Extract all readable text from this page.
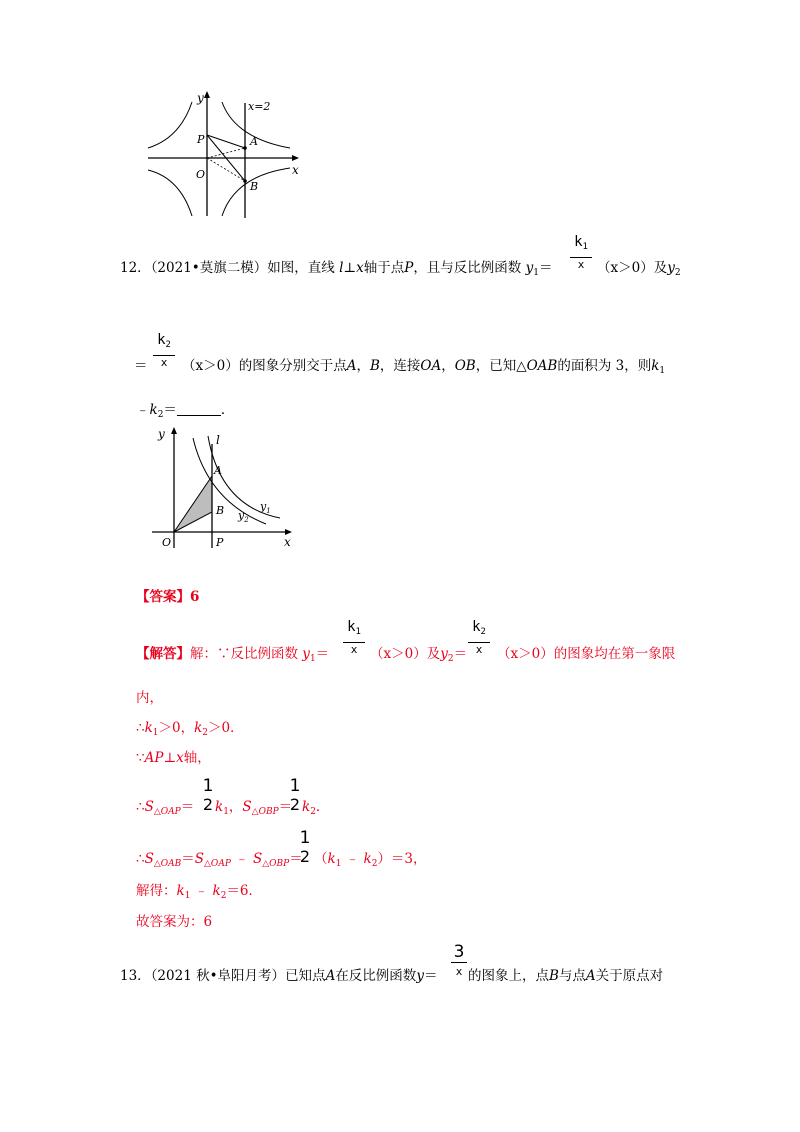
y
x
x=2
P	A
O
B
12．（2021•莫旗二模）如图，直线 l⊥x轴于点P，且与反比例函数 $y_1=$
$k_1$
x （x＞0）及$y_2$
＝
$k_2$
x	（x＞0）的图象分别交于点A，B，连接OA，OB，已知△OAB的面积为 3，则$k_1$
$﹣k_2=$	．
y	l
A
B	$y_1$
$y_2$
O	P	x
【答案】6
【解答】解：∵反比例函数 $y_1=$
$k_1$
x （x＞0）及$y_2=$
$k_2$
x	（x＞0）的图象均在第一象限
内，
$\therefore k_1>0$，$k_2>0$．
∵AP⊥x轴，
$\therefore S_{\triangle OAP}=$
1
2 $k_1$，$S_{\triangle OBP}=$
1
2 $k_2$．
$\therefore S_{\triangle OAB}=S_{\triangle OAP}$ ﹣ $S_{\triangle OBP}=$
1
2 （$k_1$ ﹣ $k_2)=3$，
解得：$k_1$ ﹣ $k_2=6$．
故答案为：6
13．（2021 秋•阜阳月考）已知点A在反比例函数y＝
3
x 的图象上，点B与点A关于原点对
